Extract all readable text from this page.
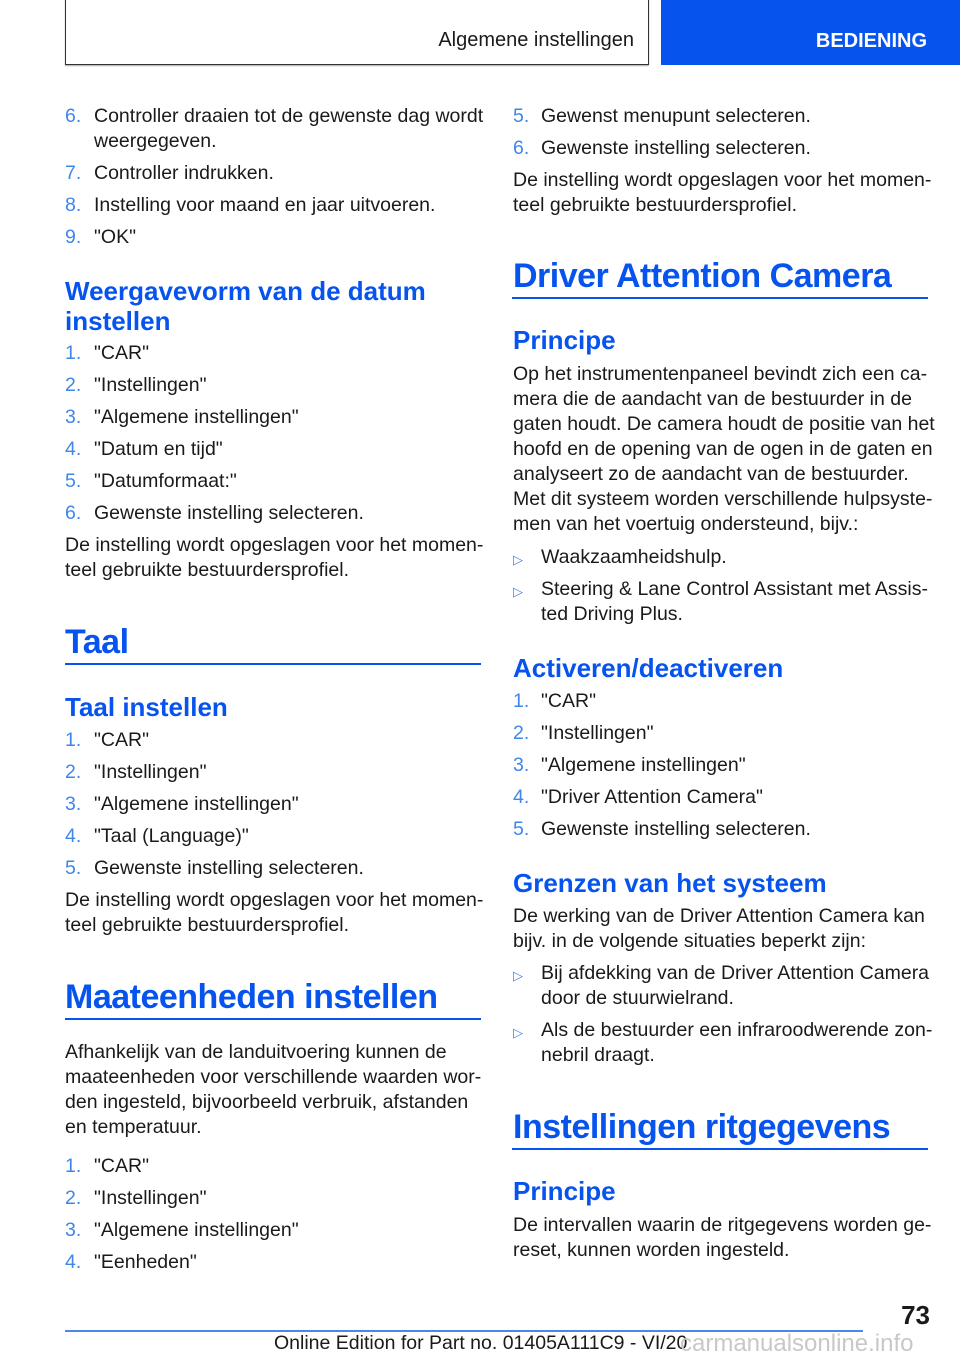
Algemene instellingen	BEDIENING
6. Controller draaien tot de gewenste dag wordt
weergegeven.
7. Controller indrukken.
8. Instelling voor maand en jaar uitvoeren.
9. "OK"
Weergavevorm van de datum
instellen
1. "CAR"
2. "Instellingen"
3. "Algemene instellingen"
4. "Datum en tijd"
5. "Datumformaat:"
6. Gewenste instelling selecteren.
De instelling wordt opgeslagen voor het momen-
teel gebruikte bestuurdersprofiel.
Taal
Taal instellen
1. "CAR"
2. "Instellingen"
3. "Algemene instellingen"
4. "Taal (Language)"
5. Gewenste instelling selecteren.
De instelling wordt opgeslagen voor het momen-
teel gebruikte bestuurdersprofiel.
Maateenheden instellen
Afhankelijk van de landuitvoering kunnen de
maateenheden voor verschillende waarden wor-
den ingesteld, bijvoorbeeld verbruik, afstanden
en temperatuur.
1. "CAR"
2. "Instellingen"
3. "Algemene instellingen"
4. "Eenheden"
5. Gewenst menupunt selecteren.
6. Gewenste instelling selecteren.
De instelling wordt opgeslagen voor het momen-
teel gebruikte bestuurdersprofiel.
Driver Attention Camera
Principe
Op het instrumentenpaneel bevindt zich een ca-
mera die de aandacht van de bestuurder in de
gaten houdt. De camera houdt de positie van het
hoofd en de opening van de ogen in de gaten en
analyseert zo de aandacht van de bestuurder.
Met dit systeem worden verschillende hulpsyste-
men van het voertuig ondersteund, bijv.:
▷ Waakzaamheidshulp.
▷ Steering & Lane Control Assistant met Assis-
ted Driving Plus.
Activeren/deactiveren
1. "CAR"
2. "Instellingen"
3. "Algemene instellingen"
4. "Driver Attention Camera"
5. Gewenste instelling selecteren.
Grenzen van het systeem
De werking van de Driver Attention Camera kan
bijv. in de volgende situaties beperkt zijn:
▷ Bij afdekking van de Driver Attention Camera
door de stuurwielrand.
▷ Als de bestuurder een infraroodwerende zon-
nebril draagt.
Instellingen ritgegevens
Principe
De intervallen waarin de ritgegevens worden ge-
reset, kunnen worden ingesteld.
73
Online Edition for Part no. 01405A111C9 - VI/20
carmanualsonline.info
